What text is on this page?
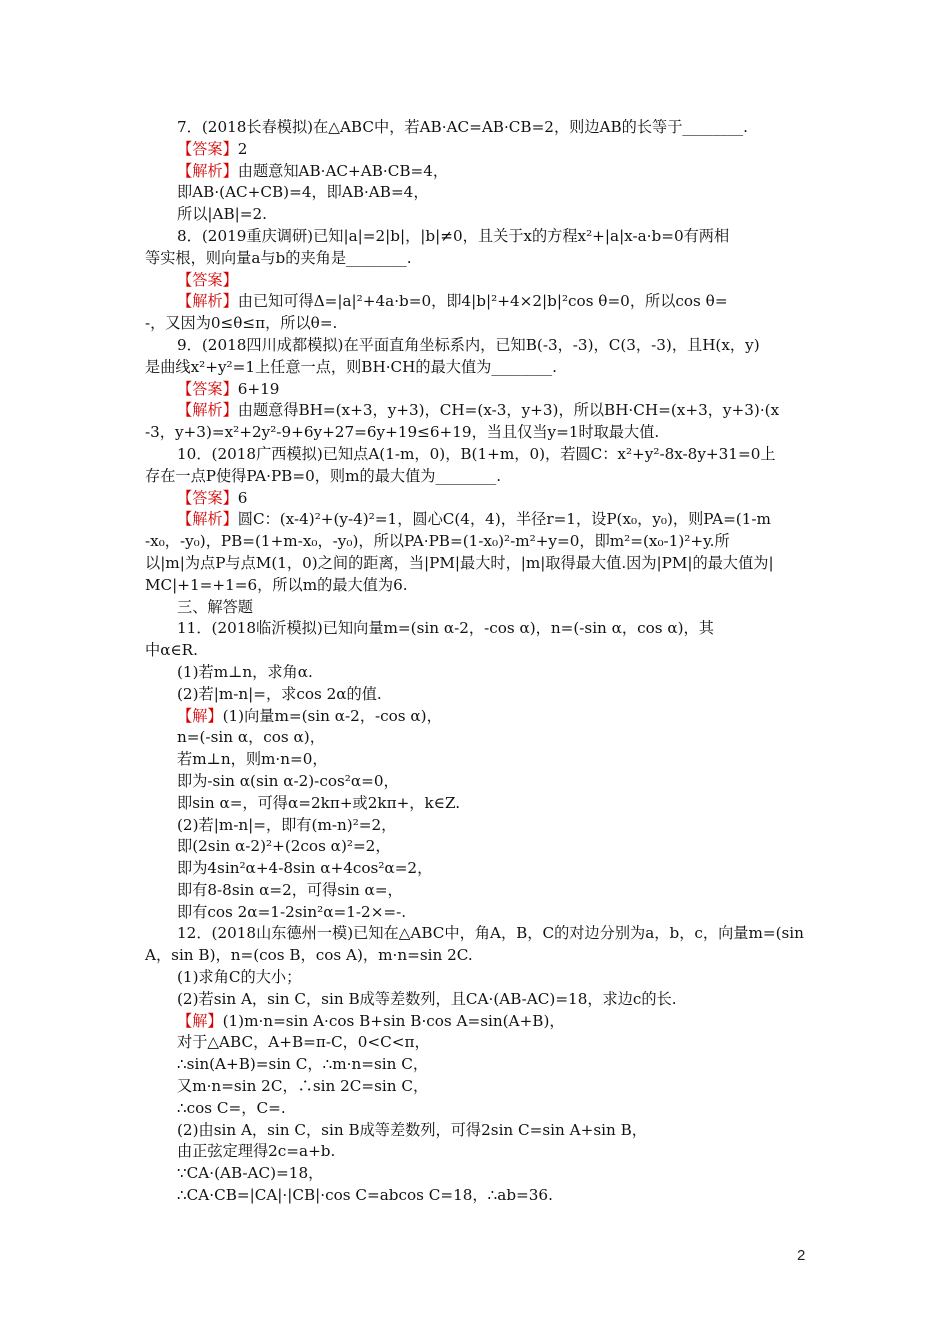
7．(2018长春模拟)在△ABC中，若AB·AC=AB·CB=2，则边AB的长等于________.
【答案】2
【解析】由题意知AB·AC+AB·CB=4，
即AB·(AC+CB)=4，即AB·AB=4，
所以|AB|=2.
8．(2019重庆调研)已知|a|=2|b|，|b|≠0，且关于x的方程x²+|a|x-a·b=0有两相
等实根，则向量a与b的夹角是________.
【答案】
【解析】由已知可得Δ=|a|²+4a·b=0，即4|b|²+4×2|b|²cos θ=0，所以cos θ=
-，又因为0≤θ≤π，所以θ=.
9．(2018四川成都模拟)在平面直角坐标系内，已知B(-3，-3)，C(3，-3)，且H(x，y)
是曲线x²+y²=1上任意一点，则BH·CH的最大值为________.
【答案】6+19
【解析】由题意得BH=(x+3，y+3)，CH=(x-3，y+3)，所以BH·CH=(x+3，y+3)·(x
-3，y+3)=x²+2y²-9+6y+27=6y+19≤6+19，当且仅当y=1时取最大值.
10．(2018广西模拟)已知点A(1-m，0)，B(1+m，0)，若圆C：x²+y²-8x-8y+31=0上
存在一点P使得PA·PB=0，则m的最大值为________.
【答案】6
【解析】圆C：(x-4)²+(y-4)²=1，圆心C(4，4)，半径r=1，设P(x₀，y₀)，则PA=(1-m
-x₀，-y₀)，PB=(1+m-x₀，-y₀)，所以PA·PB=(1-x₀)²-m²+y=0，即m²=(x₀-1)²+y.所
以|m|为点P与点M(1，0)之间的距离，当|PM|最大时，|m|取得最大值.因为|PM|的最大值为|
MC|+1=+1=6，所以m的最大值为6.
三、解答题
11．(2018临沂模拟)已知向量m=(sin α-2，-cos α)，n=(-sin α，cos α)，其
中α∈R.
(1)若m⊥n，求角α.
(2)若|m-n|=，求cos 2α的值.
【解】(1)向量m=(sin α-2，-cos α)，
n=(-sin α，cos α)，
若m⊥n，则m·n=0，
即为-sin α(sin α-2)-cos²α=0，
即sin α=，可得α=2kπ+或2kπ+，k∈Z.
(2)若|m-n|=，即有(m-n)²=2，
即(2sin α-2)²+(2cos α)²=2，
即为4sin²α+4-8sin α+4cos²α=2，
即有8-8sin α=2，可得sin α=，
即有cos 2α=1-2sin²α=1-2×=-.
12．(2018山东德州一模)已知在△ABC中，角A，B，C的对边分别为a，b，c，向量m=(sin
A，sin B)，n=(cos B，cos A)，m·n=sin 2C.
(1)求角C的大小；
(2)若sin A，sin C，sin B成等差数列，且CA·(AB-AC)=18，求边c的长.
【解】(1)m·n=sin A·cos B+sin B·cos A=sin(A+B)，
对于△ABC，A+B=π-C，0<C<π，
∴sin(A+B)=sin C，∴m·n=sin C，
又m·n=sin 2C，∴sin 2C=sin C，
∴cos C=，C=.
(2)由sin A，sin C，sin B成等差数列，可得2sin C=sin A+sin B，
由正弦定理得2c=a+b.
∵CA·(AB-AC)=18，
∴CA·CB=|CA|·|CB|·cos C=abcos C=18，∴ab=36.
2
